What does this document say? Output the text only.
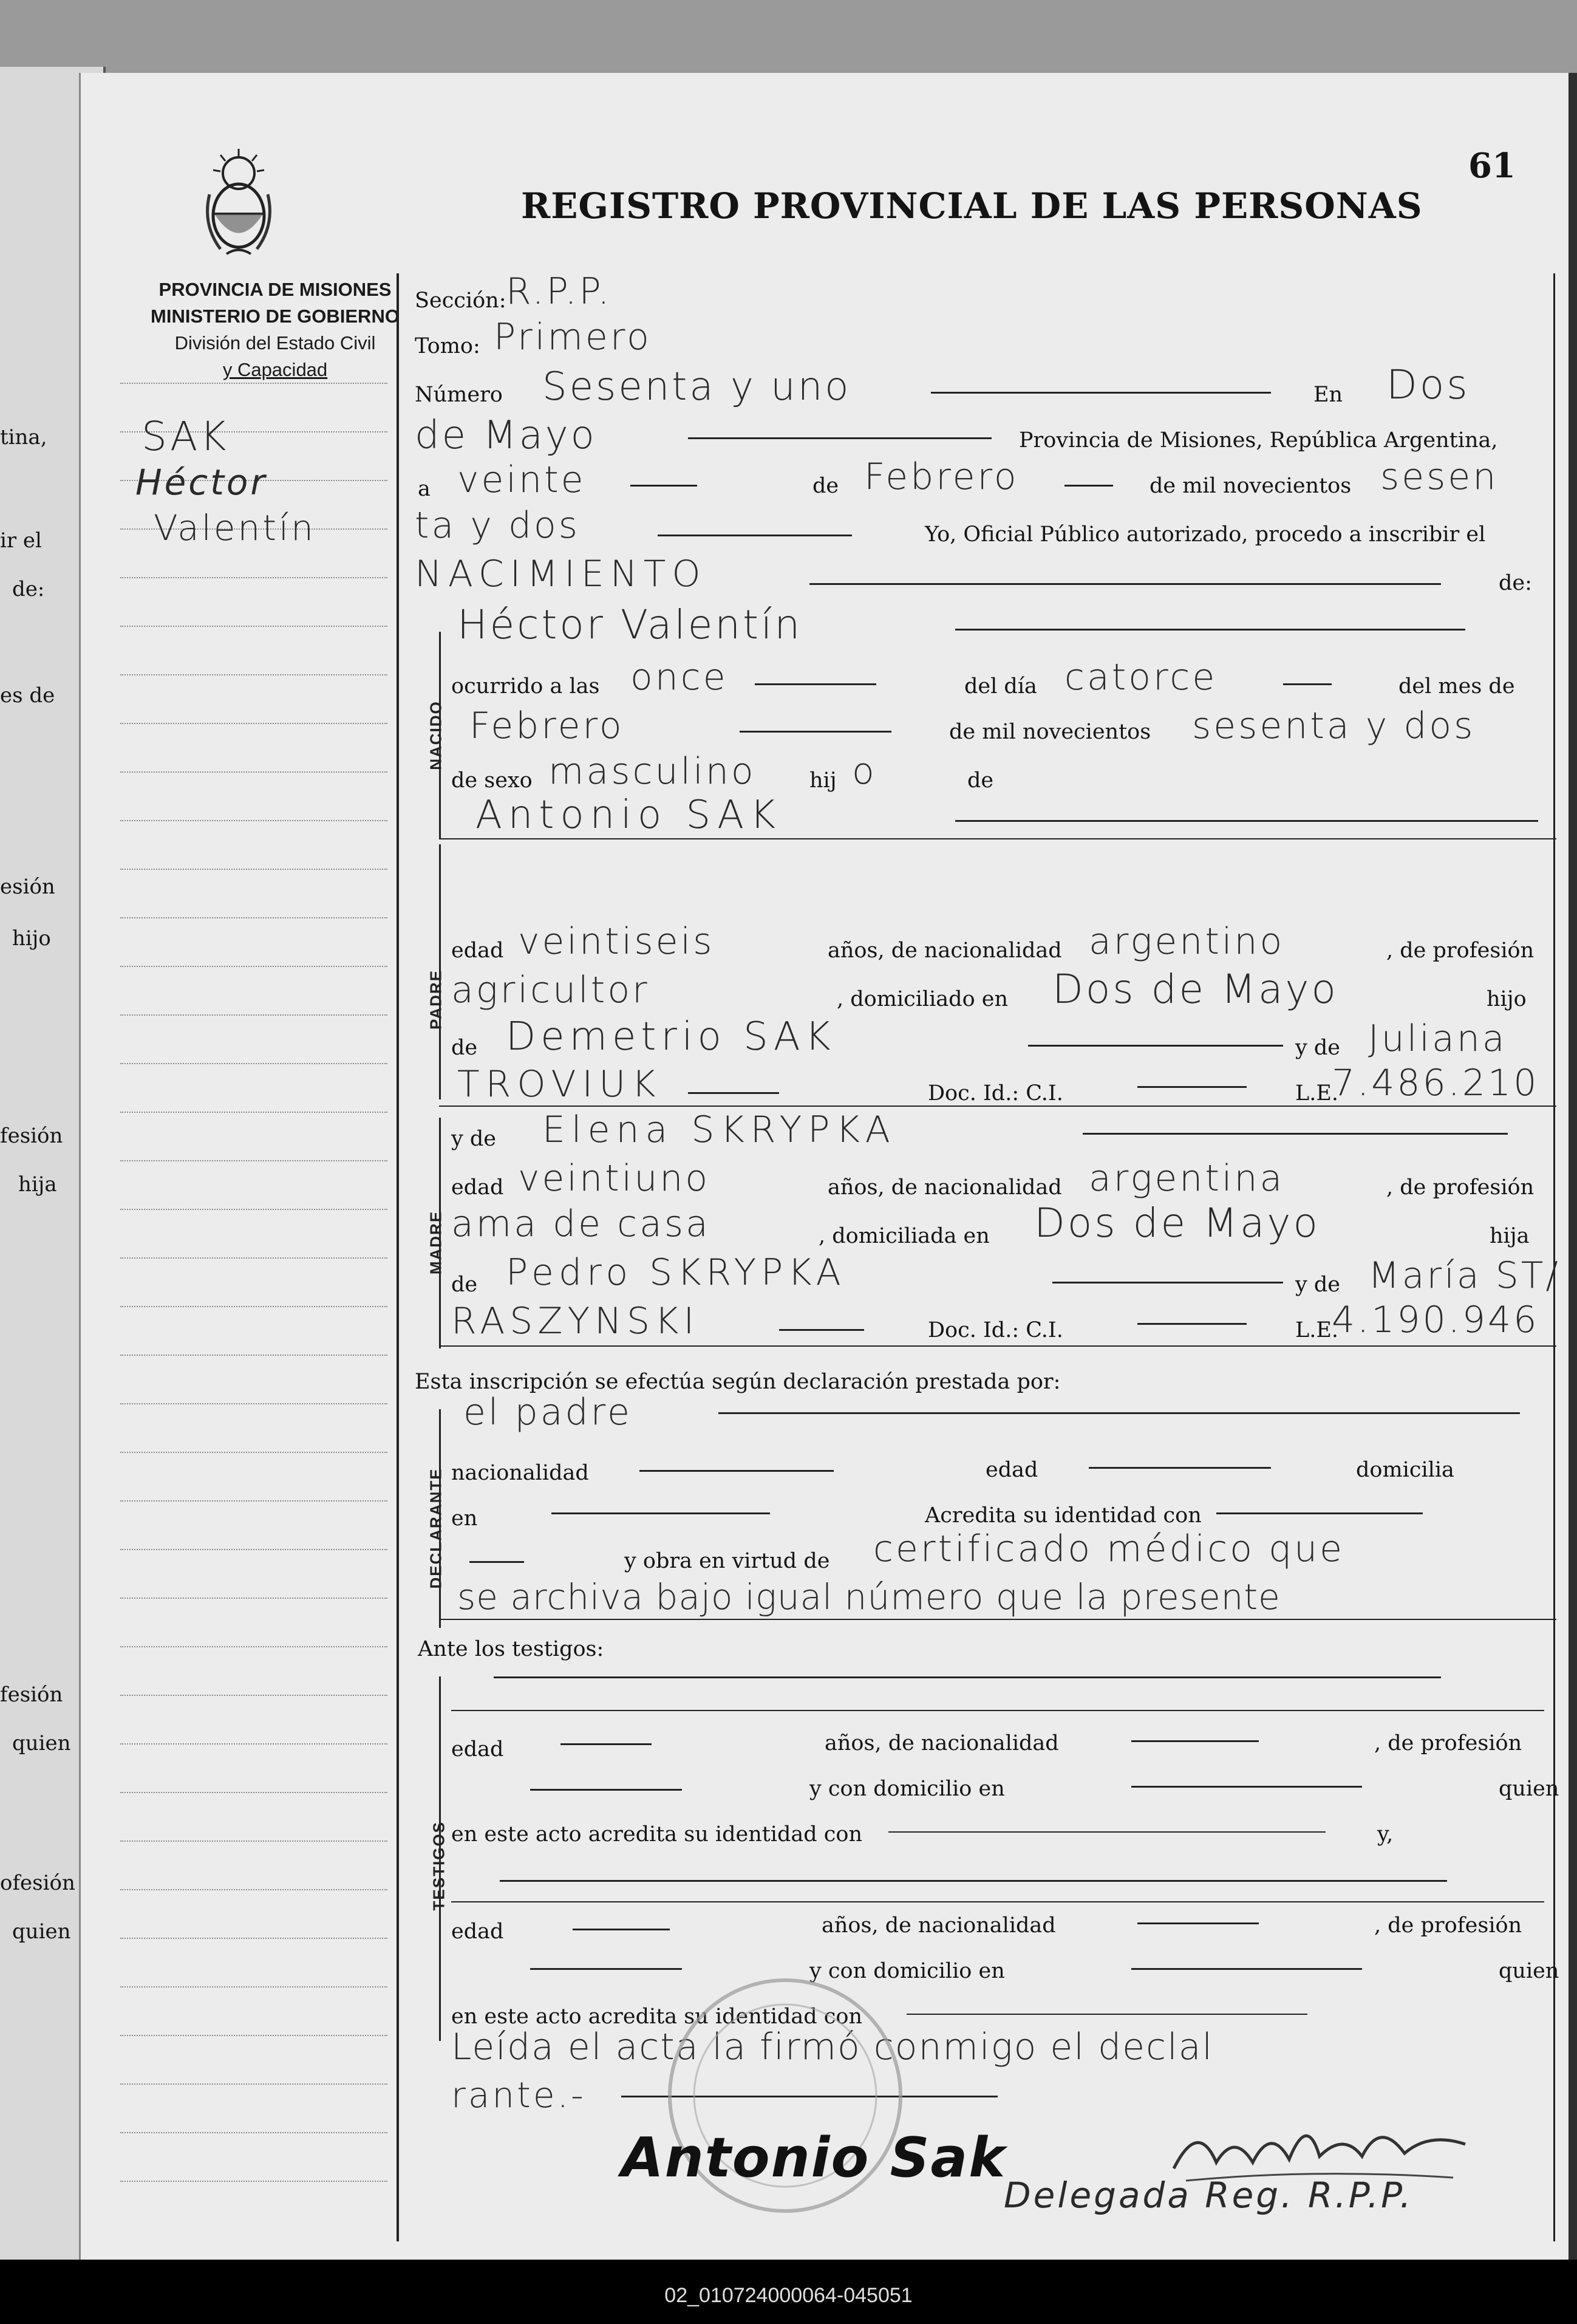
tina,
ir el
de:
es de
esión
hijo
fesión
hija
fesión
quien
ofesión
quien
61
REGISTRO PROVINCIAL DE LAS PERSONAS
PROVINCIA DE MISIONES
MINISTERIO DE GOBIERNO
División del Estado Civil
y Capacidad
SAK
Héctor
Valentín
Sección: R.P.P.
Tomo: Primero
Número Sesenta y uno	En Dos
de Mayo	Provincia de Misiones, República Argentina,
a veinte	de Febrero	de mil novecientos sesen
ta y dos	Yo, Oficial Público autorizado, procedo a inscribir el
NACIMIENTO	de:
Héctor Valentín
NACIDO
ocurrido a las once	del día catorce	del mes de
Febrero	de mil novecientos sesenta y dos
de sexo masculino	hij o	de
Antonio SAK
PADRE
edad veintiseis	años, de nacionalidad argentino	, de profesión
agricultor	, domiciliado en Dos de Mayo	hijo
de Demetrio SAK	y de Juliana
TROVIUK	Doc. Id.: C.I.	L.E.
7.486.210
MADRE
y de Elena SKRYPKA
edad veintiuno	años, de nacionalidad argentina	, de profesión
ama de casa	, domiciliada en Dos de Mayo	hija
de Pedro SKRYPKA	y de María ST/
RASZYNSKI	Doc. Id.: C.I.	L.E.
4.190.946
Esta inscripción se efectúa según declaración prestada por:
DECLARANTE
el padre
nacionalidad	edad	domicilia
en	Acredita su identidad con
y obra en virtud de certificado médico que
se archiva bajo igual número que la presente
Ante los testigos:
TESTIGOS
edad	años, de nacionalidad	, de profesión
y con domicilio en	quien
en este acto acredita su identidad con	y,
edad	años, de nacionalidad	, de profesión
y con domicilio en	quien
en este acto acredita su identidad con
Leída el acta la firmó conmigo el declal
rante.-
Antonio Sak
Delegada Reg. R.P.P.
02_010724000064-045051
